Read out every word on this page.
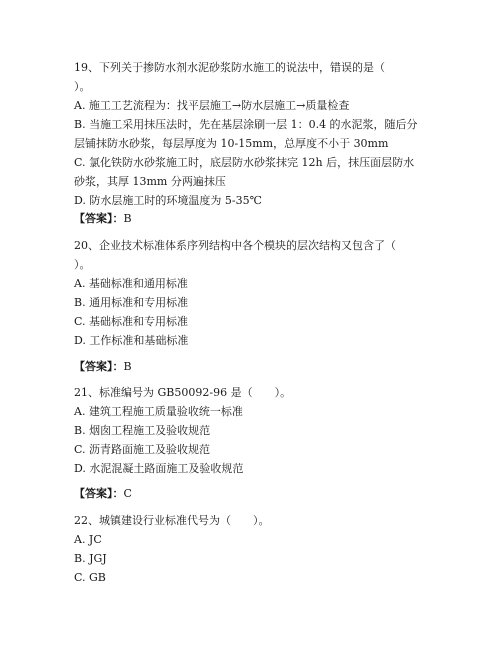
19、下列关于掺防水剂水泥砂浆防水施工的说法中，错误的是（
）。
A. 施工工艺流程为：找平层施工→防水层施工→质量检查
B. 当施工采用抹压法时，先在基层涂刷一层 1：0.4 的水泥浆，随后分
层铺抹防水砂浆，每层厚度为 10-15mm，总厚度不小于 30mm
C. 氯化铁防水砂浆施工时，底层防水砂浆抹完 12h 后，抹压面层防水
砂浆，其厚 13mm 分两遍抹压
D. 防水层施工时的环境温度为 5-35℃
【答案】：B
20、企业技术标准体系序列结构中各个模块的层次结构又包含了（
）。
A. 基础标准和通用标准
B. 通用标准和专用标准
C. 基础标准和专用标准
D. 工作标准和基础标准
【答案】：B
21、标准编号为 GB50092-96 是（　　）。
A. 建筑工程施工质量验收统一标准
B. 烟囱工程施工及验收规范
C. 沥青路面施工及验收规范
D. 水泥混凝土路面施工及验收规范
【答案】：C
22、城镇建设行业标准代号为（　　）。
A. JC
B. JGJ
C. GB
